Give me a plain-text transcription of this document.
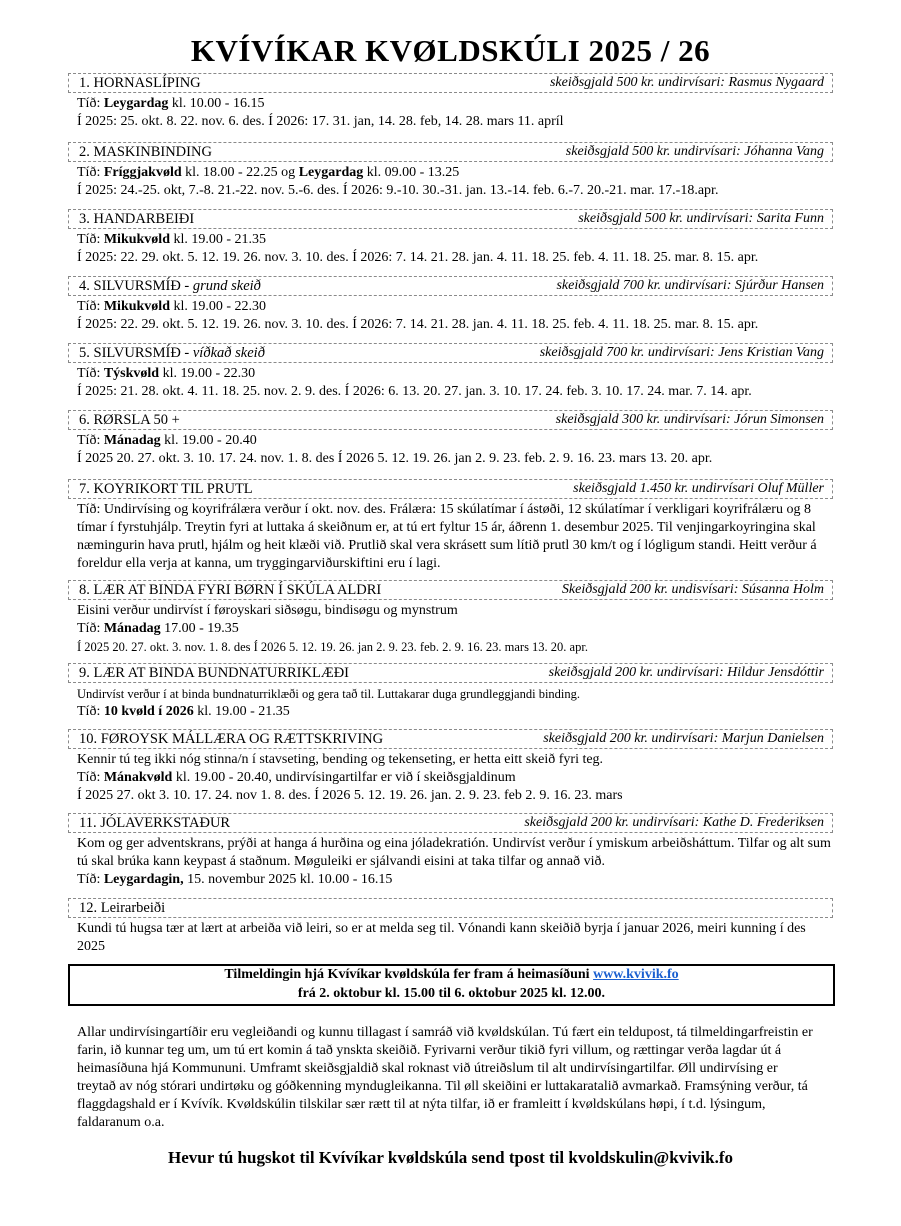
KVÍVÍKAR KVØLDSKÚLI 2025 / 26
1. HORNASLÍPING	skeiðsgjald 500 kr. undirvísari: Rasmus Nygaard
Tíð: Leygardag kl. 10.00 - 16.15
Í 2025: 25. okt. 8. 22. nov. 6. des. Í 2026: 17. 31. jan, 14. 28. feb, 14. 28. mars 11. apríl
2. MASKINBINDING	skeiðsgjald 500 kr. undirvísari: Jóhanna Vang
Tíð: Fríggjakvøld kl. 18.00 - 22.25 og Leygardag kl. 09.00 - 13.25
Í 2025: 24.-25. okt, 7.-8. 21.-22. nov. 5.-6. des. Í 2026: 9.-10. 30.-31. jan. 13.-14. feb. 6.-7. 20.-21. mar. 17.-18.apr.
3. HANDARBEIÐI	skeiðsgjald 500 kr. undirvísari: Sarita Funn
Tíð: Mikukvøld kl. 19.00 - 21.35
Í 2025: 22. 29. okt. 5. 12. 19. 26. nov. 3. 10. des. Í 2026: 7. 14. 21. 28. jan. 4. 11. 18. 25. feb. 4. 11. 18. 25. mar. 8. 15. apr.
4. SILVURSMÍÐ - grund skeið	skeiðsgjald 700 kr. undirvísari: Sjúrður Hansen
Tíð: Mikukvøld kl. 19.00 - 22.30
Í 2025: 22. 29. okt. 5. 12. 19. 26. nov. 3. 10. des. Í 2026: 7. 14. 21. 28. jan. 4. 11. 18. 25. feb. 4. 11. 18. 25. mar. 8. 15. apr.
5. SILVURSMÍÐ - víðkað skeið	skeiðsgjald 700 kr. undirvísari: Jens Kristian Vang
Tíð: Týskvøld kl. 19.00 - 22.30
Í 2025: 21. 28. okt. 4. 11. 18. 25. nov. 2. 9. des. Í 2026: 6. 13. 20. 27. jan. 3. 10. 17. 24. feb. 3. 10. 17. 24. mar. 7. 14. apr.
6. RØRSLA 50 +	skeiðsgjald 300 kr. undirvísari: Jórun Simonsen
Tíð: Mánadag kl. 19.00 - 20.40
Í 2025 20. 27. okt. 3. 10. 17. 24. nov. 1. 8. des Í 2026 5. 12. 19. 26. jan 2. 9. 23. feb. 2. 9. 16. 23. mars 13. 20. apr.
7. KOYRIKORT TIL PRUTL	skeiðsgjald 1.450 kr. undirvísari Oluf Müller
Tíð: Undirvísing og koyrifrálæra verður í okt. nov. des. Frálæra: 15 skúlatímar í ástøði, 12 skúlatímar í verkligari koyrifrálæru og 8 tímar í fyrstuhjálp. Treytin fyri at luttaka á skeiðnum er, at tú ert fyltur 15 ár, áðrenn 1. desembur 2025. Til venjingarkoyringina skal næmingurin hava prutl, hjálm og heit klæði við. Prutlið skal vera skrásett sum lítið prutl 30 km/t og í lógligum standi. Heitt verður á foreldur ella verja at kanna, um tryggingarviðurskiftini eru í lagi.
8. LÆR AT BINDA FYRI BØRN Í SKÚLA ALDRI	Skeiðsgjald 200 kr. undisvísari: Súsanna Holm
Eisini verður undirvíst í føroyskari siðsøgu, bindisøgu og mynstrum
Tíð: Mánadag 17.00 - 19.35
Í 2025 20. 27. okt. 3. nov. 1. 8. des Í 2026 5. 12. 19. 26. jan 2. 9. 23. feb. 2. 9. 16. 23. mars 13. 20. apr.
9. LÆR AT BINDA BUNDNATURRIKLÆÐI	skeiðsgjald 200 kr. undirvísari: Hildur Jensdóttir
Undirvíst verður í at binda bundnaturriklæði og gera tað til. Luttakarar duga grundleggjandi binding.
Tíð: 10 kvøld í 2026 kl. 19.00 - 21.35
10. FØROYSK MÁLLÆRA OG RÆTTSKRIVING	skeiðsgjald 200 kr. undirvísari: Marjun Danielsen
Kennir tú teg ikki nóg stinna/n í stavseting, bending og tekenseting, er hetta eitt skeið fyri teg.
Tíð: Mánakvøld kl. 19.00 - 20.40, undirvísingartilfar er við í skeiðsgjaldinum
Í 2025 27. okt 3. 10. 17. 24. nov 1. 8. des. Í 2026 5. 12. 19. 26. jan. 2. 9. 23. feb 2. 9. 16. 23. mars
11. JÓLAVERKSTAÐUR	skeiðsgjald 200 kr. undirvísari: Kathe D. Frederiksen
Kom og ger adventskrans, prýði at hanga á hurðina og eina jóladekratión. Undirvíst verður í ymiskum arbeiðsháttum. Tilfar og alt sum tú skal brúka kann keypast á staðnum. Møguleiki er sjálvandi eisini at taka tilfar og annað við.
Tíð: Leygardagin, 15. novembur 2025 kl. 10.00 - 16.15
12. Leirarbeiði
Kundi tú hugsa tær at lært at arbeiða við leiri, so er at melda seg til. Vónandi kann skeiðið byrja í januar 2026, meiri kunning í des 2025
Tilmeldingin hjá Kvívíkar kvøldskúla fer fram á heimasíðuni www.kvivik.fo
frá 2. oktobur kl. 15.00 til 6. oktobur 2025 kl. 12.00.
Allar undirvísingartíðir eru vegleiðandi og kunnu tillagast í samráð við kvøldskúlan. Tú fært ein teldupost, tá tilmeldingarfreistin er farin, ið kunnar teg um, um tú ert komin á tað ynskta skeiðið. Fyrivarni verður tikið fyri villum, og rættingar verða lagdar út á heimasíðuna hjá Kommununi. Umframt skeiðsgjaldið skal roknast við útreiðslum til alt undirvísingartilfar. Øll undirvísing er treytað av nóg stórari undirtøku og góðkenning myndugleikanna. Til øll skeiðini er luttakaratalið avmarkað. Framsýning verður, tá flaggdagshald er í Kvívík. Kvøldskúlin tilskilar sær rætt til at nýta tilfar, ið er framleitt í kvøldskúlans høpi, í t.d. lýsingum, faldaranum o.a.
Hevur tú hugskot til Kvívíkar kvøldskúla send tpost til kvoldskulin@kvivik.fo
